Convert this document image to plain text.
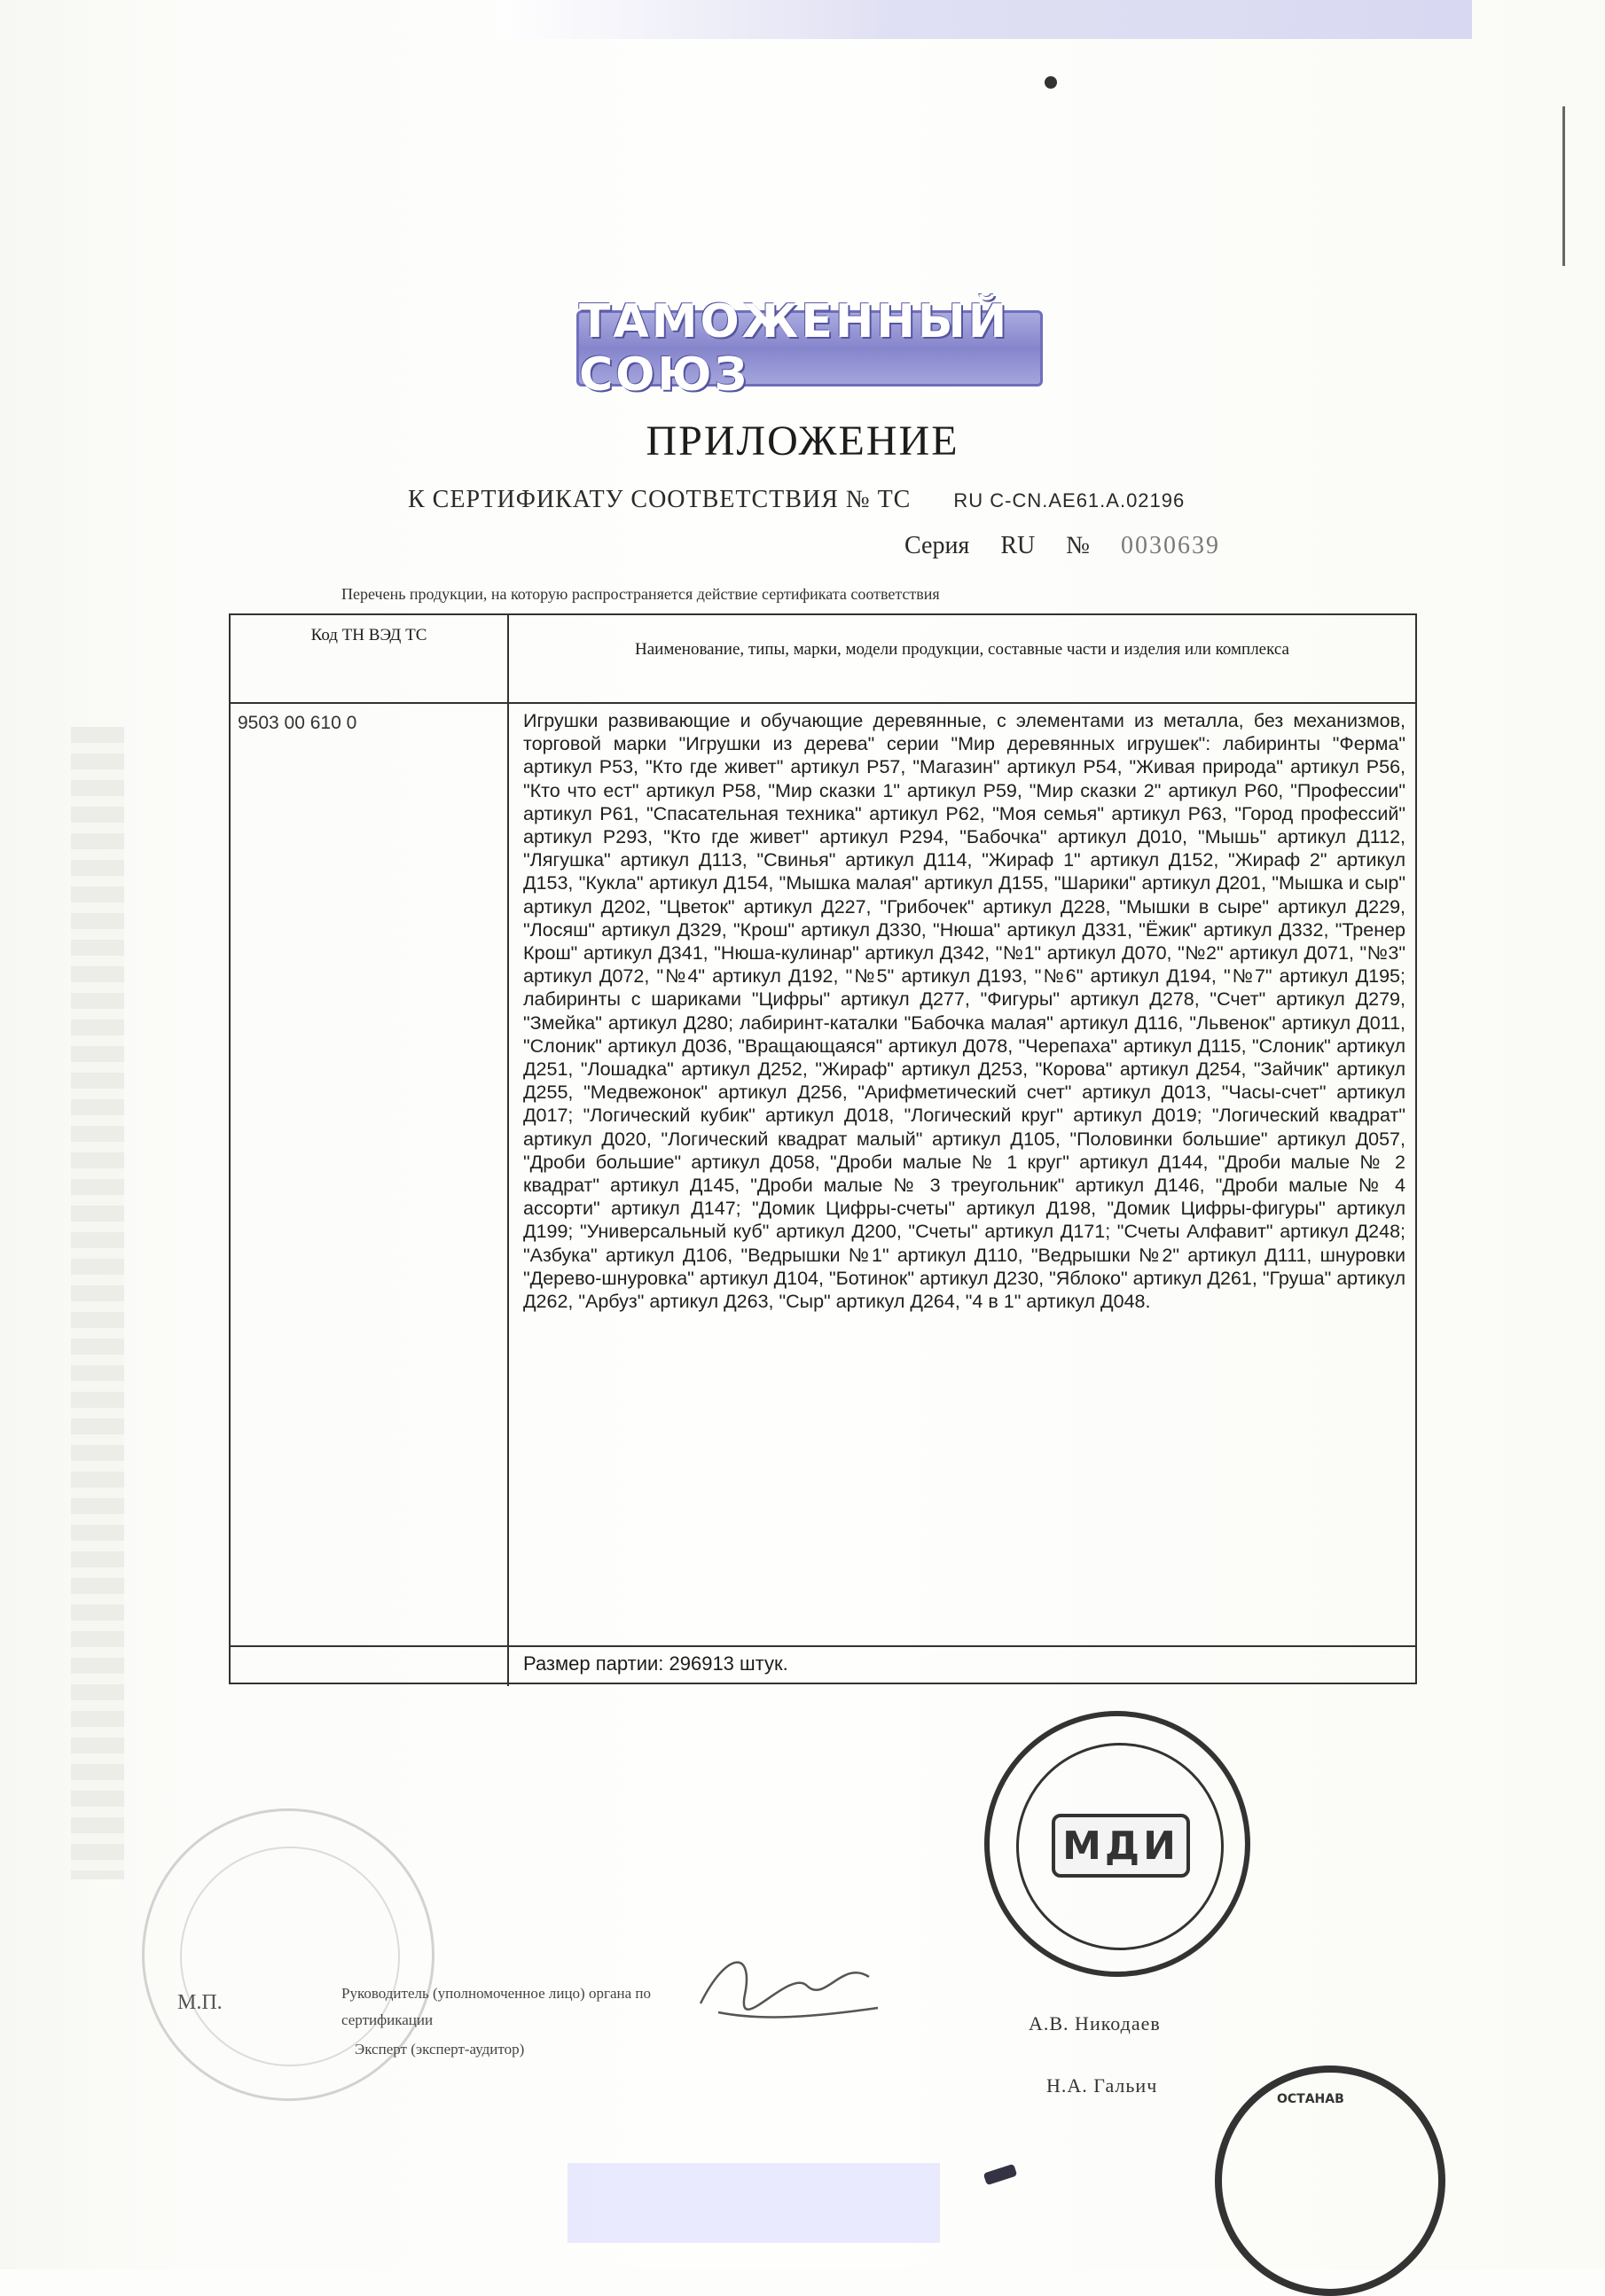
ТАМОЖЕННЫЙ СОЮЗ
ПРИЛОЖЕНИЕ
К СЕРТИФИКАТУ СООТВЕТСТВИЯ № ТС RU C-CN.AE61.A.02196
Серия RU № 0030639
Перечень продукции, на которую распространяется действие сертификата соответствия
Код ТН ВЭД ТС
Наименование, типы, марки, модели продукции, составные части и изделия или комплекса
9503 00 610 0	Игрушки развивающие и обучающие деревянные, с элементами из металла, без механизмов, торговой марки "Игрушки из дерева" серии "Мир деревянных игрушек": лабиринты "Ферма" артикул Р53, "Кто где живет" артикул Р57, "Магазин" артикул Р54, "Живая природа" артикул Р56, "Кто что ест" артикул Р58, "Мир сказки 1" артикул Р59, "Мир сказки 2" артикул Р60, "Профессии" артикул Р61, "Спасательная техника" артикул Р62, "Моя семья" артикул Р63, "Город профессий" артикул Р293, "Кто где живет" артикул Р294, "Бабочка" артикул Д010, "Мышь" артикул Д112, "Лягушка" артикул Д113, "Свинья" артикул Д114, "Жираф 1" артикул Д152, "Жираф 2" артикул Д153, "Кукла" артикул Д154, "Мышка малая" артикул Д155, "Шарики" артикул Д201, "Мышка и сыр" артикул Д202, "Цветок" артикул Д227, "Грибочек" артикул Д228, "Мышки в сыре" артикул Д229, "Лосяш" артикул Д329, "Крош" артикул Д330, "Нюша" артикул Д331, "Ёжик" артикул Д332, "Тренер Крош" артикул Д341, "Нюша-кулинар" артикул Д342, "№1" артикул Д070, "№2" артикул Д071, "№3" артикул Д072, "№4" артикул Д192, "№5" артикул Д193, "№6" артикул Д194, "№7" артикул Д195; лабиринты с шариками "Цифры" артикул Д277, "Фигуры" артикул Д278, "Счет" артикул Д279, "Змейка" артикул Д280; лабиринт-каталки "Бабочка малая" артикул Д116, "Львенок" артикул Д011, "Слоник" артикул Д036, "Вращающаяся" артикул Д078, "Черепаха" артикул Д115, "Слоник" артикул Д251, "Лошадка" артикул Д252, "Жираф" артикул Д253, "Корова" артикул Д254, "Зайчик" артикул Д255, "Медвежонок" артикул Д256, "Арифметический счет" артикул Д013, "Часы-счет" артикул Д017; "Логический кубик" артикул Д018, "Логический круг" артикул Д019; "Логический квадрат" артикул Д020, "Логический квадрат малый" артикул Д105, "Половинки большие" артикул Д057, "Дроби большие" артикул Д058, "Дроби малые № 1 круг" артикул Д144, "Дроби малые № 2 квадрат" артикул Д145, "Дроби малые № 3 треугольник" артикул Д146, "Дроби малые № 4 ассорти" артикул Д147; "Домик Цифры-счеты" артикул Д198, "Домик Цифры-фигуры" артикул Д199; "Универсальный куб" артикул Д200, "Счеты" артикул Д171; "Счеты Алфавит" артикул Д248; "Азбука" артикул Д106, "Ведрышки №1" артикул Д110, "Ведрышки №2" артикул Д111, шнуровки "Дерево-шнуровка" артикул Д104, "Ботинок" артикул Д230, "Яблоко" артикул Д261, "Груша" артикул Д262, "Арбуз" артикул Д263, "Сыр" артикул Д264, "4 в 1" артикул Д048.
Размер партии: 296913 штук.
МДИ
ОСТАНАВ
М.П.	Руководитель (уполномоченное лицо) органа по сертификации
Эксперт (эксперт-аудитор)
А.В. Никодаев
Н.А. Гальич
